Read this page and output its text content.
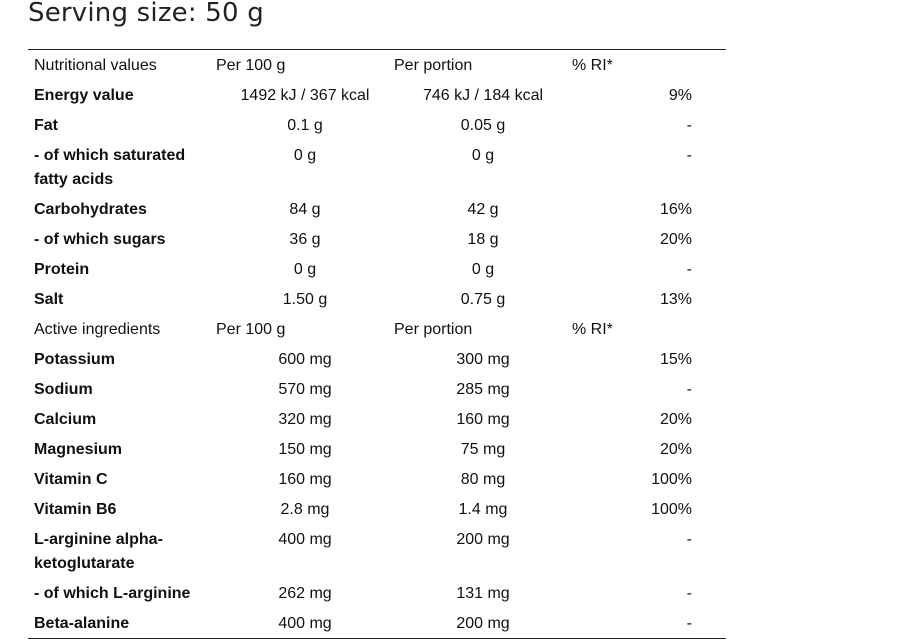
Serving size: 50 g
Nutritional values	Per 100 g	Per portion	% RI*
Energy value	1492 kJ / 367 kcal	746 kJ / 184 kcal	9%
Fat	0.1 g	0.05 g	-
- of which saturated fatty acids	0 g	0 g	-
Carbohydrates	84 g	42 g	16%
- of which sugars	36 g	18 g	20%
Protein	0 g	0 g	-
Salt	1.50 g	0.75 g	13%
Active ingredients	Per 100 g	Per portion	% RI*
Potassium	600 mg	300 mg	15%
Sodium	570 mg	285 mg	-
Calcium	320 mg	160 mg	20%
Magnesium	150 mg	75 mg	20%
Vitamin C	160 mg	80 mg	100%
Vitamin B6	2.8 mg	1.4 mg	100%
L-arginine alpha-ketoglutarate	400 mg	200 mg	-
- of which L-arginine	262 mg	131 mg	-
Beta-alanine	400 mg	200 mg	-
